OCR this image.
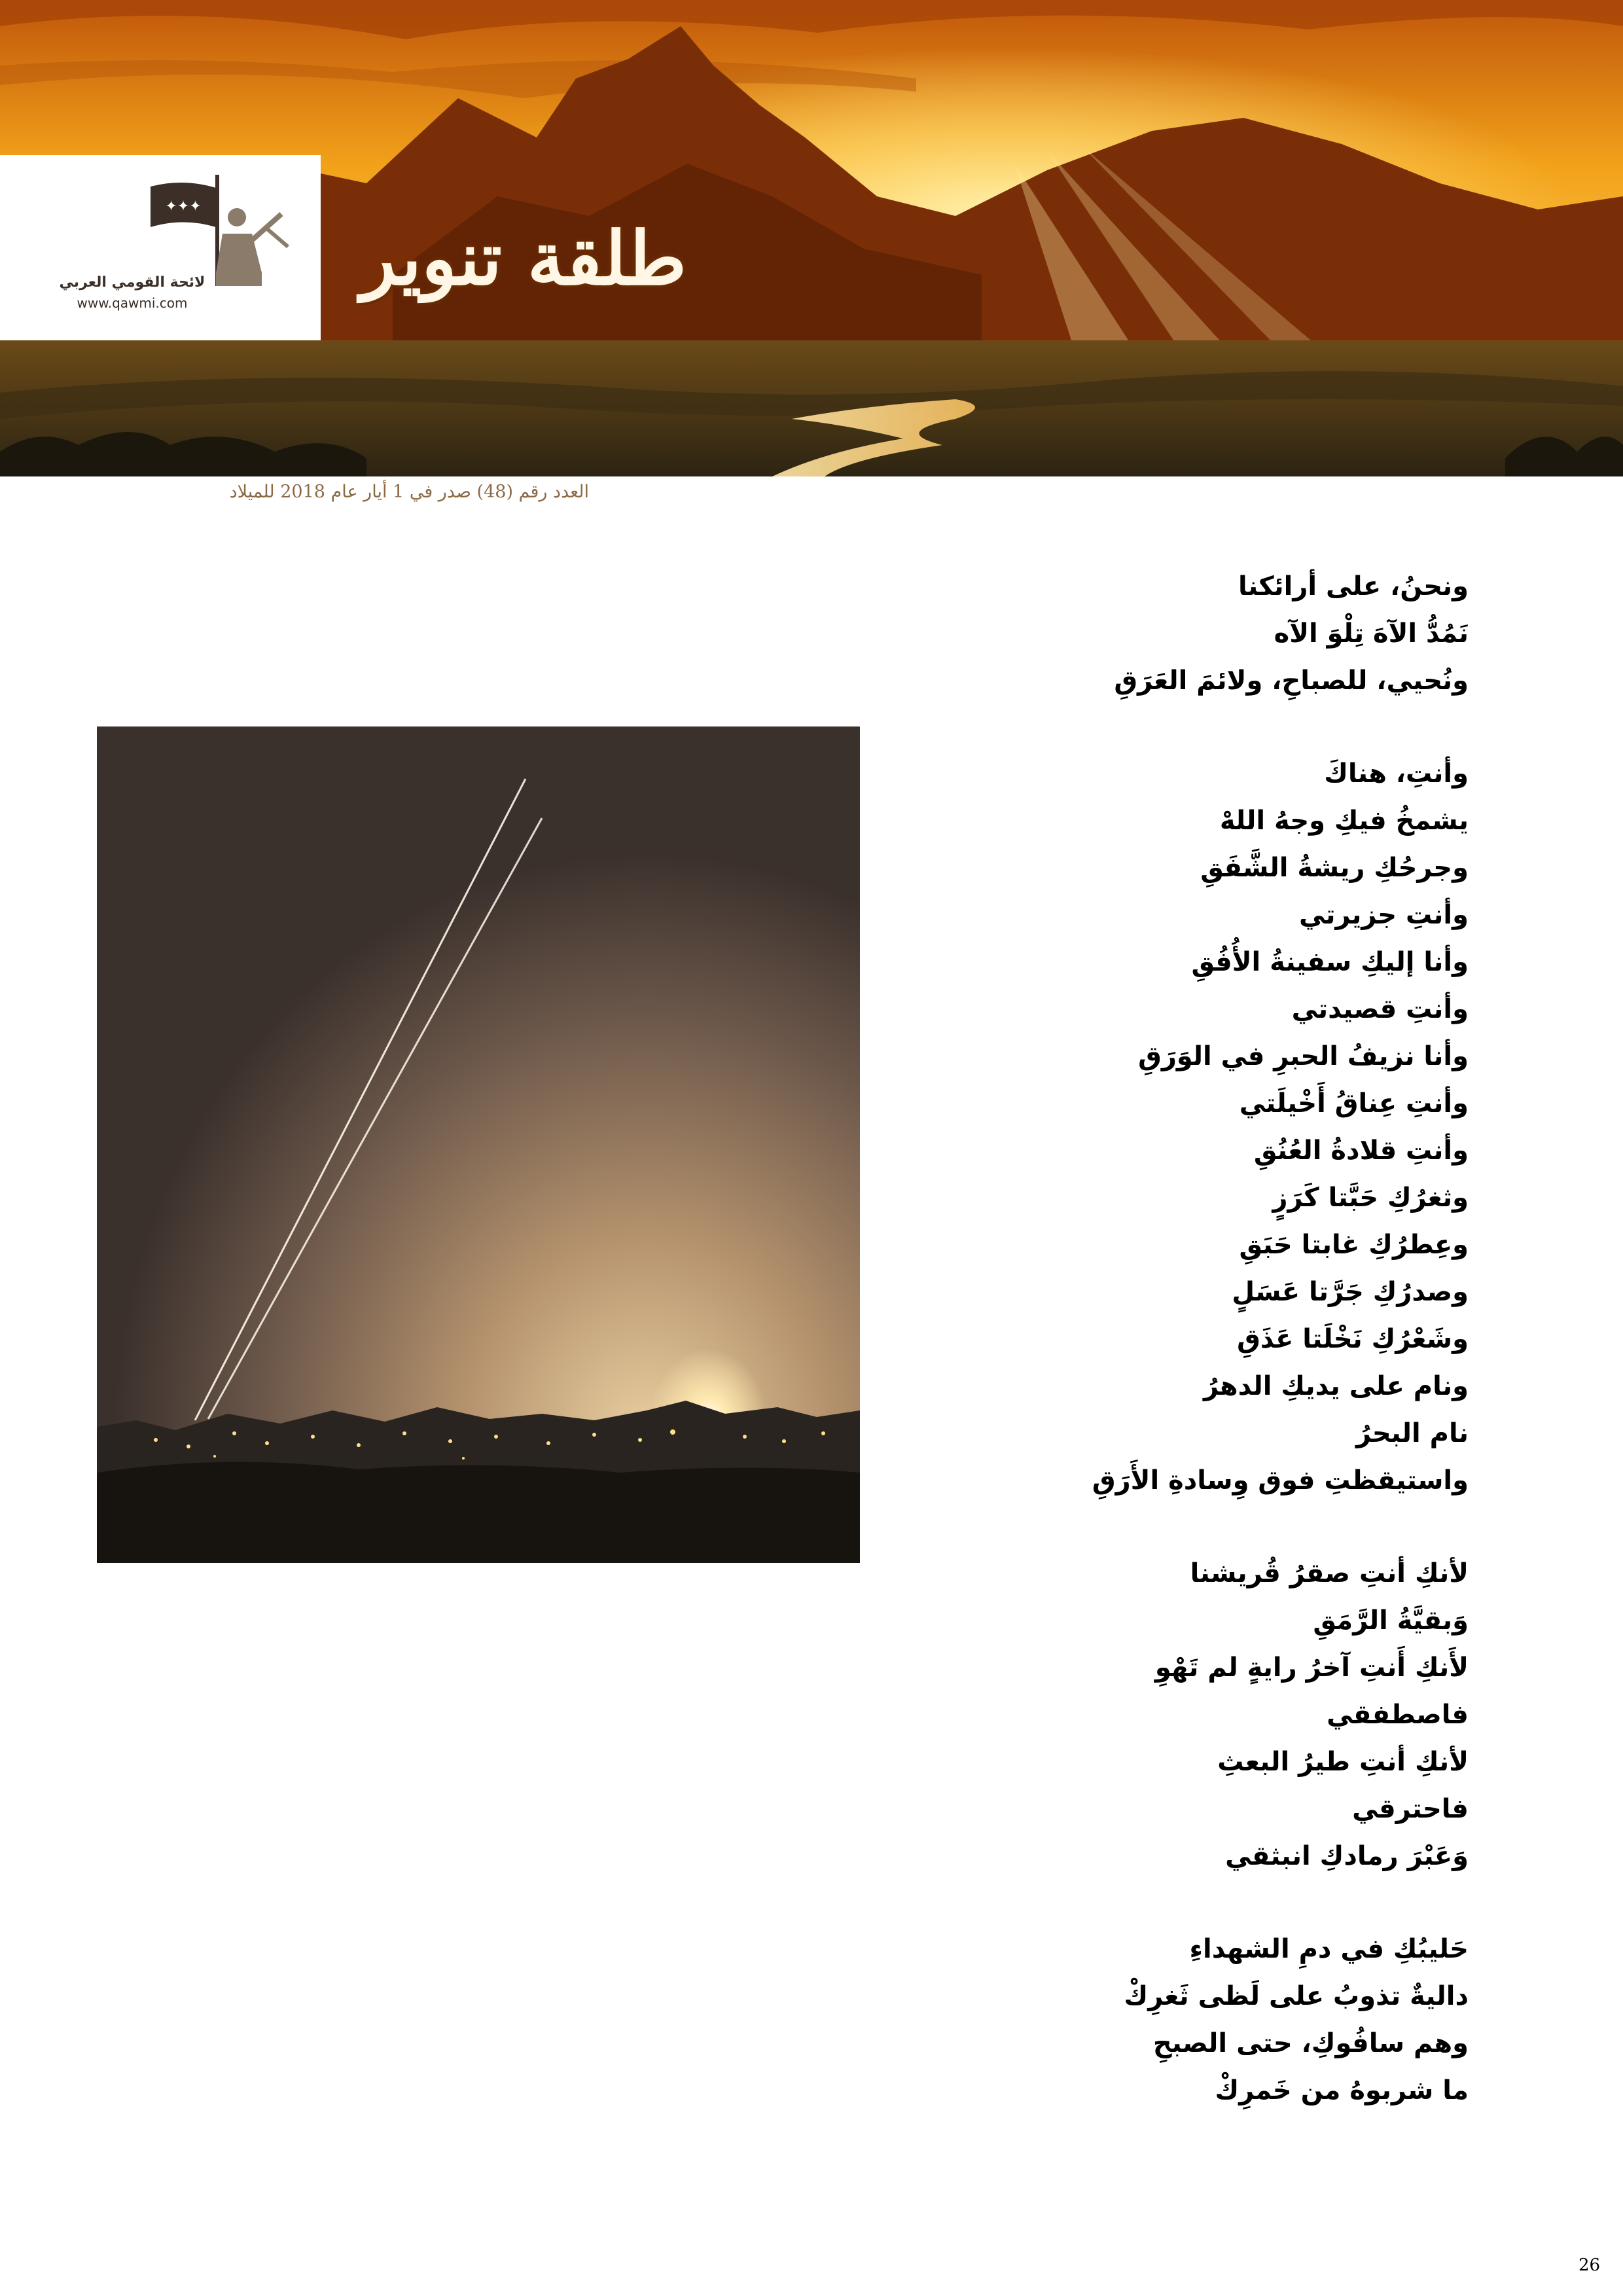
✦✦✦
لائحة القومي العربي
www.qawmi.com
طلقة تنوير
العدد رقم (48) صدر في 1 أيار عام 2018 للميلاد
ونحنُ، على أرائكنا
نَمُدُّ الآهَ تِلْوَ الآه
ونُحيي، للصباحِ، ولائمَ العَرَقِ
وأنتِ، هناكَ
يشمخُ فيكِ وجهُ اللهْ
وجرحُكِ ريشةُ الشَّفَقِ
وأنتِ جزيرتي
وأنا إليكِ سفينةُ الأُفُقِ
وأنتِ قصيدتي
وأنا نزيفُ الحبرِ في الوَرَقِ
وأنتِ عِناقُ أَخْيلَتي
وأنتِ قلادةُ العُنُقِ
وثغرُكِ حَبَّتا كَرَزٍ
وعِطرُكِ غابتا حَبَقِ
وصدرُكِ جَرَّتا عَسَلٍ
وشَعْرُكِ نَخْلَتا عَذَقِ
ونام على يديكِ الدهرُ
نام البحرُ
واستيقظتِ فوق وِسادةِ الأَرَقِ
لأنكِ أنتِ صقرُ قُريشنا
وَبقيَّةُ الرَّمَقِ
لأَنكِ أَنتِ آخرُ رايةٍ لم تَهْوِ
فاصطفقي
لأنكِ أنتِ طيرُ البعثِ
فاحترقي
وَعَبْرَ رمادكِ انبثقي
حَليبُكِ في دمِ الشهداءِ
داليةٌ تذوبُ على لَظى ثَغرِكْ
وهم سافُوكِ، حتى الصبحِ
ما شربوهُ من خَمرِكْ
26
